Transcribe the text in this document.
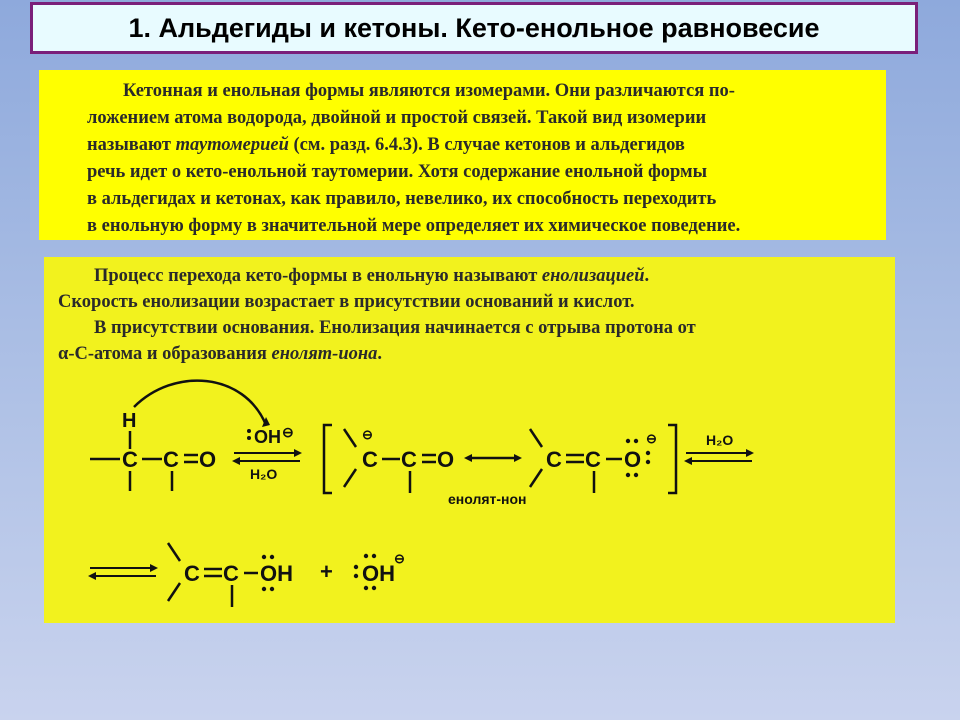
1. Альдегиды и кетоны. Кето-енольное равновесие

Кетонная и енольная формы являются изомерами. Они различаются по-
ложением атома водорода, двойной и простой связей. Такой вид изомерии
называют таутомерией (см. разд. 6.4.3). В случае кетонов и альдегидов
речь идет о кето-енольной таутомерии. Хотя содержание енольной формы
в альдегидах и кетонах, как правило, невелико, их способность переходить
в енольную форму в значительной мере определяет их химическое поведение.

Процесс перехода кето-формы в енольную называют енолизацией.
Скорость енолизации возрастает в присутствии оснований и кислот.

В присутствии основания. Енолизация начинается с отрыва протона от
α-С-атома и образования енолят-иона.

H
C C O
OH ⊖
H₂O
C
⊖
C O
енолят-нон
C C O
⊖	H₂O
C C OH + OH
⊖
